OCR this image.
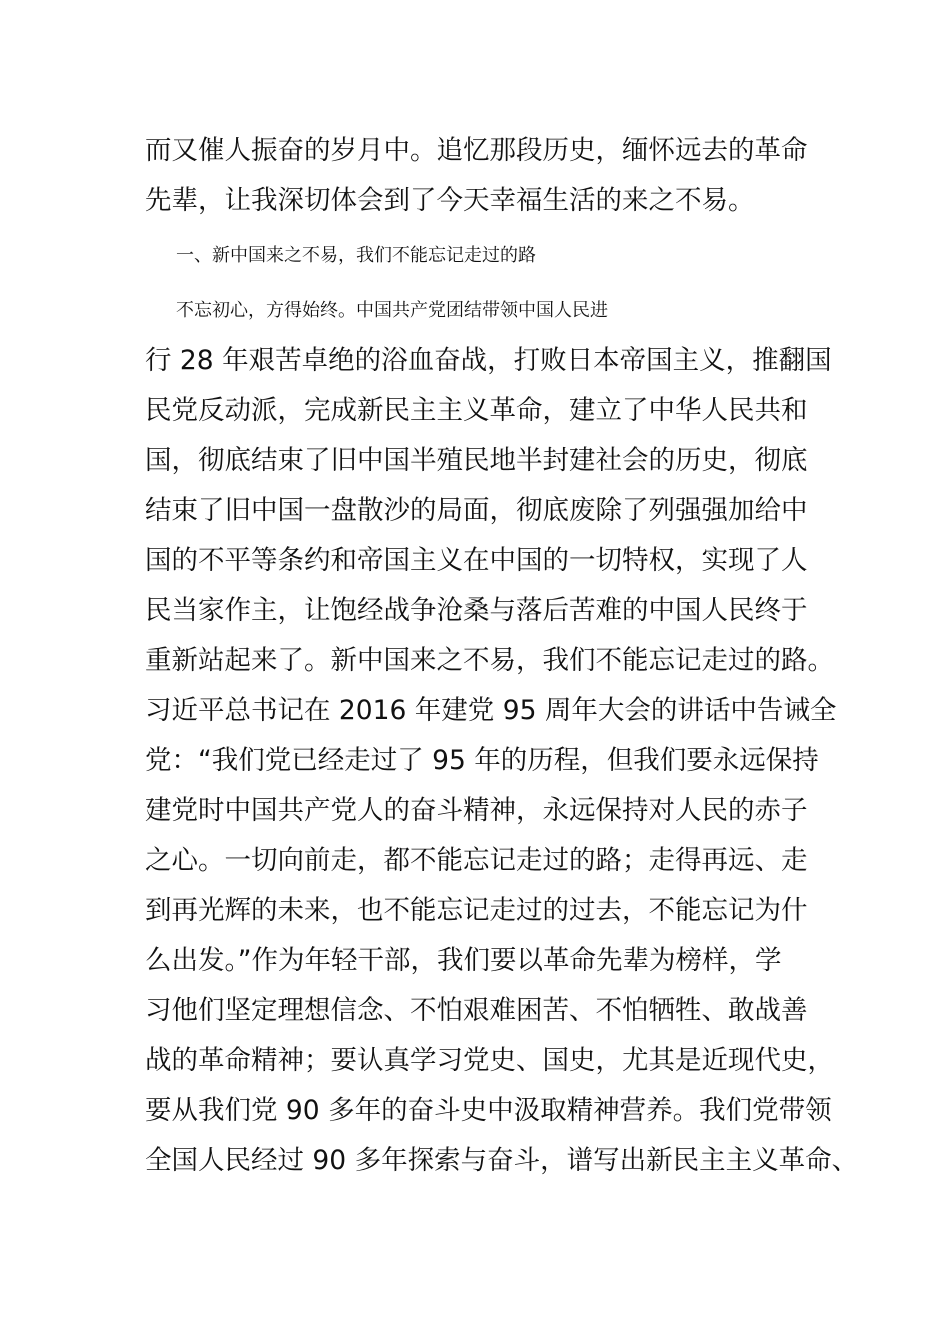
而又催人振奋的岁月中。追忆那段历史，缅怀远去的革命
先辈，让我深切体会到了今天幸福生活的来之不易。
一、新中国来之不易，我们不能忘记走过的路
不忘初心，方得始终。中国共产党团结带领中国人民进
行 28 年艰苦卓绝的浴血奋战，打败日本帝国主义，推翻国
民党反动派，完成新民主主义革命，建立了中华人民共和
国，彻底结束了旧中国半殖民地半封建社会的历史，彻底
结束了旧中国一盘散沙的局面，彻底废除了列强强加给中
国的不平等条约和帝国主义在中国的一切特权，实现了人
民当家作主，让饱经战争沧桑与落后苦难的中国人民终于
重新站起来了。新中国来之不易，我们不能忘记走过的路。
习近平总书记在 2016 年建党 95 周年大会的讲话中告诫全
党：“我们党已经走过了 95 年的历程，但我们要永远保持
建党时中国共产党人的奋斗精神，永远保持对人民的赤子
之心。一切向前走，都不能忘记走过的路；走得再远、走
到再光辉的未来，也不能忘记走过的过去，不能忘记为什
么出发。”作为年轻干部，我们要以革命先辈为榜样，学
习他们坚定理想信念、不怕艰难困苦、不怕牺牲、敢战善
战的革命精神；要认真学习党史、国史，尤其是近现代史，
要从我们党 90 多年的奋斗史中汲取精神营养。我们党带领
全国人民经过 90 多年探索与奋斗，谱写出新民主主义革命、
